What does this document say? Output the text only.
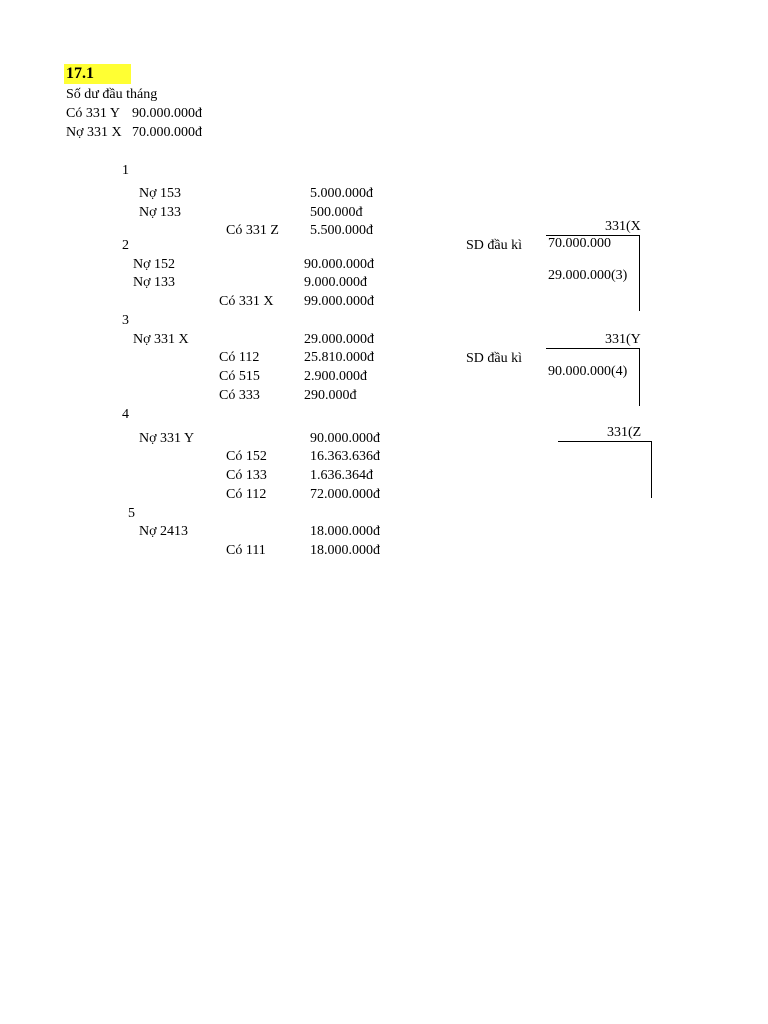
17.1
Số dư đầu tháng
Có 331 Y 90.000.000đ
Nợ 331 X 70.000.000đ
1
Nợ 153	5.000.000đ
Nợ 133	500.000đ
Có 331 Z 5.500.000đ
2
Nợ 152	90.000.000đ
Nợ 133	9.000.000đ
Có 331 X 99.000.000đ
3
Nợ 331 X	29.000.000đ
Có 112	25.810.000đ
Có 515	2.900.000đ
Có 333	290.000đ
4
Nợ 331 Y	90.000.000đ
Có 152	16.363.636đ
Có 133	1.636.364đ
Có 112	72.000.000đ
5
Nợ 2413	18.000.000đ
Có 111	18.000.000đ
331(X
SD đầu kì 70.000.000
29.000.000(3)
331(Y
SD đầu kì
90.000.000(4)
331(Z
